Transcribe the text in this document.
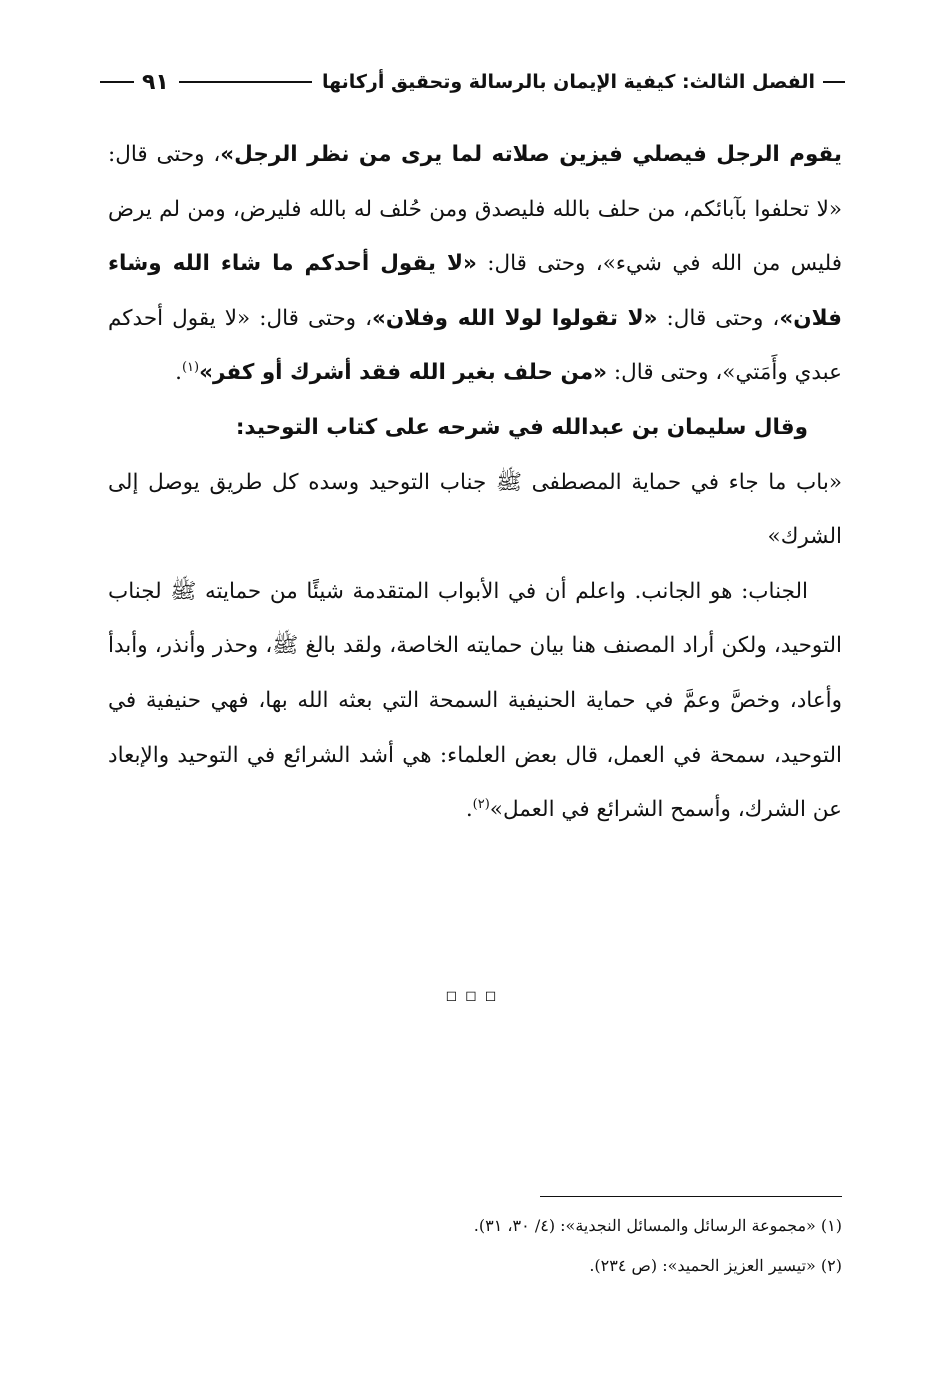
الفصل الثالث: كيفية الإيمان بالرسالة وتحقيق أركانها
٩١

يقوم الرجل فيصلي فيزين صلاته لما يرى من نظر الرجل»، وحتى قال: «لا تحلفوا بآبائكم، من حلف بالله فليصدق ومن حُلف له بالله فليرض، ومن لم يرض فليس من الله في شيء»، وحتى قال: «لا يقول أحدكم ما شاء الله وشاء فلان»، وحتى قال: «لا تقولوا لولا الله وفلان»، وحتى قال: «لا يقول أحدكم عبدي وأَمَتي»، وحتى قال: «من حلف بغير الله فقد أشرك أو كفر»$^{(١)}$.

وقال سليمان بن عبدالله في شرحه على كتاب التوحيد:

«باب ما جاء في حماية المصطفى ﷺ جناب التوحيد وسده كل طريق يوصل إلى الشرك»

الجناب: هو الجانب. واعلم أن في الأبواب المتقدمة شيئًا من حمايته ﷺ لجناب التوحيد، ولكن أراد المصنف هنا بيان حمايته الخاصة، ولقد بالغ ﷺ، وحذر وأنذر، وأبدأ وأعاد، وخصَّ وعمَّ في حماية الحنيفية السمحة التي بعثه الله بها، فهي حنيفية في التوحيد، سمحة في العمل، قال بعض العلماء: هي أشد الشرائع في التوحيد والإبعاد عن الشرك، وأسمح الشرائع في العمل»$^{(٢)}$.

◻◻◻
(١) «مجموعة الرسائل والمسائل النجدية»: (٤/ ٣٠، ٣١).
(٢) «تيسير العزيز الحميد»: (ص ٢٣٤).
